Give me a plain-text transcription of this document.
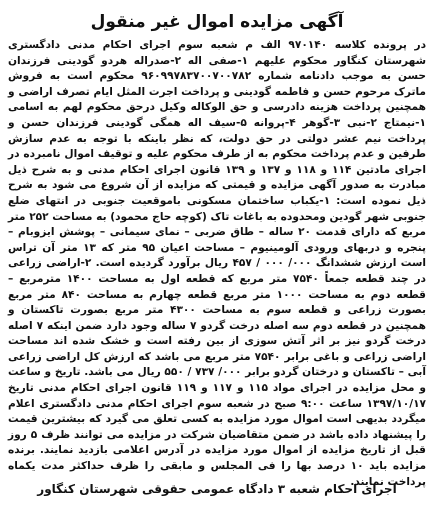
آگهی مزایده اموال غیر منقول

در پرونده کلاسه ۹۷۰۱۴۰ الف م شعبه سوم اجرای احکام مدنی دادگستری شهرستان کنگاور محکوم علیهم ۱-صفی اله ۲-صدراله هردو گودینی فرزندان حسن به موجب دادنامه شماره ۹۶۰۹۹۷۸۳۷۰۰۷۰۰۷۸۲ محکوم است به فروش ماترک مرحوم حسن و فاطمه گودینی و پرداخت اجرت المثل ایام تصرف اراضی و همچنین پرداخت هزینه دادرسی و حق الوکاله وکیل درحق محکوم لهم به اسامی ۱-نیمتاج ۲-نبی ۳-گوهر ۴-پروانه ۵-سیف اله همگی گودینی فرزندان حسن و پرداخت نیم عشر دولتی در حق دولت، که نظر باینکه با توجه به عدم سازش طرفین و عدم پرداخت محکوم به از طرف محکوم علیه و توقیف اموال نامبرده در اجرای مادتین ۱۱۴ و ۱۱۸ و ۱۳۷ و ۱۳۹ قانون اجرای احکام مدنی و به شرح ذیل مبادرت به صدور آگهی مزایده و قیمتی که مزایده از آن شروع می شود به شرح ذیل نموده است: ۱-یکباب ساختمان مسکونی باموقعیت جنوبی در انتهای ضلع جنوبی شهر گودین ومحدوده به باغات تاک (کوچه حاج محمود) به مساحت ۲۵۲ متر مربع که دارای قدمت ۲۰ ساله – طاق ضربی – نمای سیمانی – پوشش ایزوبام – پنجره و دربهای ورودی آلومینیوم – مساحت اعیان ۹۵ متر که ۱۳ متر آن تراس است ارزش ششدانگ ۰۰۰/ ۰۰۰ / ۴۵۷ ریال برآورد گردیده است. ۲-اراضی زراعی در چند قطعه جمعاً ۷۵۴۰ متر مربع که قطعه اول به مساحت ۱۴۰۰ مترمربع – قطعه دوم به مساحت ۱۰۰۰ متر مربع قطعه چهارم به مساحت ۸۴۰ متر مربع بصورت زراعی و قطعه سوم به مساحت ۴۳۰۰ متر مربع بصورت تاکستان و همچنین در قطعه دوم سه اصله درخت گردو ۷ ساله وجود دارد ضمن اینکه ۷ اصله درخت گردو نیز بر اثر آتش سوزی از بین رفته است و خشک شده اند مساحت اراضی زراعی و باغی برابر ۷۵۴۰ متر مربع می باشد که ارزش کل اراضی زراعی آبی – تاکستان و درختان گردو برابر ۰۰۰/ ۷۳۷ / ۵۵۰ ریال می باشد. تاریخ و ساعت و محل مزایده در اجرای مواد ۱۱۵ و ۱۱۷ و ۱۱۹ قانون اجرای احکام مدنی تاریخ ۱۳۹۷/۱۰/۱۷ ساعت ۹:۰۰ صبح در شعبه سوم اجرای احکام مدنی دادگستری اعلام میگردد بدیهی است اموال مورد مزایده به کسی تعلق می گیرد که بیشترین قیمت را پیشنهاد داده باشد در ضمن متقاضیان شرکت در مزایده می توانند ظرف ۵ روز قبل از تاریخ مزایده از اموال مورد مزایده در آدرس اعلامی بازدید نمایند. برنده مزایده باید ۱۰ درصد بها را فی المجلس و مابقی را ظرف حداکثر مدت یکماه پرداخت نمایند.

اجرای احکام شعبه ۳ دادگاه عمومی حقوقی شهرستان کنگاور
